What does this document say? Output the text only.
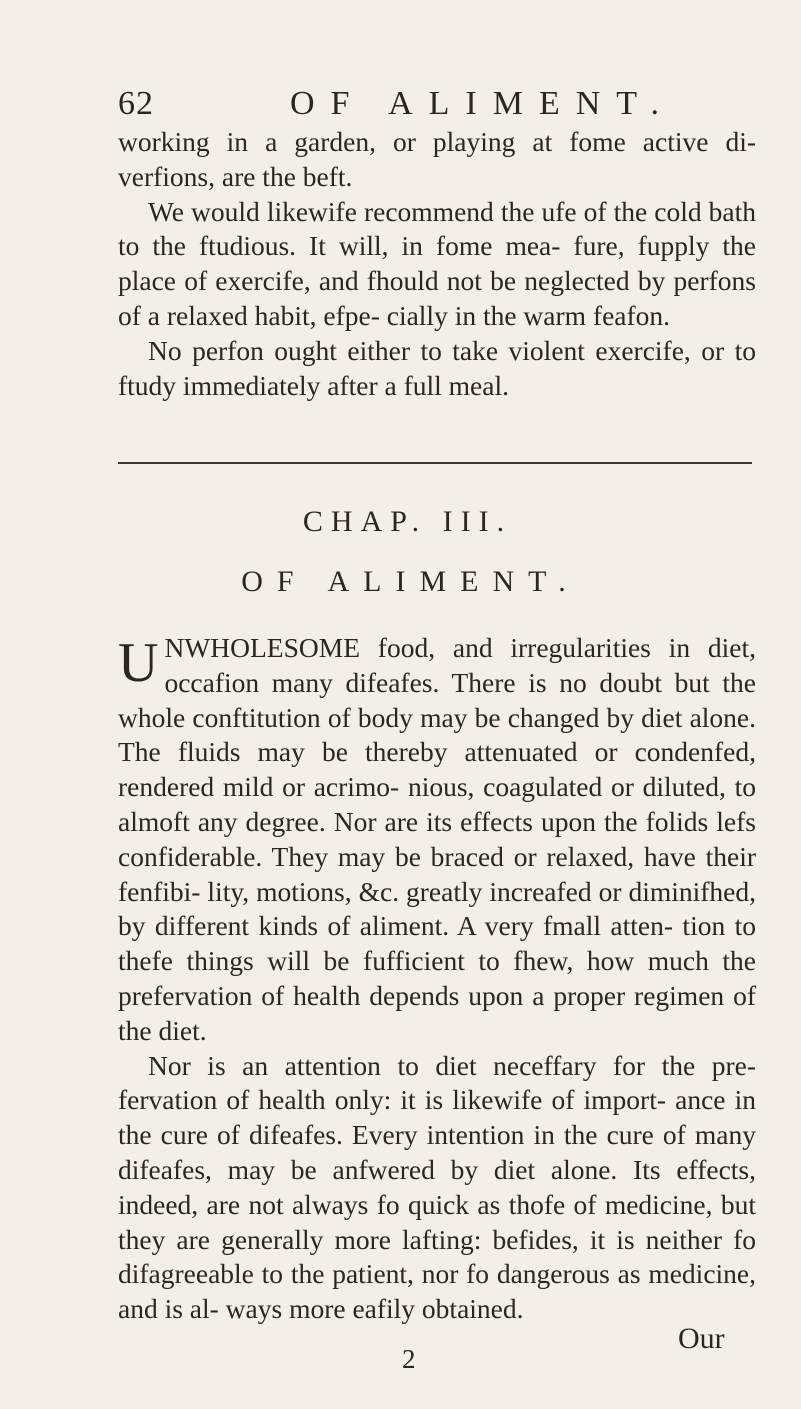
62	OF ALIMENT.

working in a garden, or playing at fome active di- verfions, are the beft.

We would likewife recommend the ufe of the cold bath to the ftudious. It will, in fome mea- fure, fupply the place of exercife, and fhould not be neglected by perfons of a relaxed habit, efpe- cially in the warm feafon.

No perfon ought either to take violent exercife, or to ftudy immediately after a full meal.

CHAP. III.
OF ALIMENT.

UNWHOLESOME food, and irregularities in diet, occafion many difeafes. There is no doubt but the whole conftitution of body may be changed by diet alone. The fluids may be thereby attenuated or condenfed, rendered mild or acrimo- nious, coagulated or diluted, to almoft any degree. Nor are its effects upon the folids lefs confiderable. They may be braced or relaxed, have their fenfibi- lity, motions, &c. greatly increafed or diminifhed, by different kinds of aliment. A very fmall atten- tion to thefe things will be fufficient to fhew, how much the prefervation of health depends upon a proper regimen of the diet.

Nor is an attention to diet neceffary for the pre- fervation of health only: it is likewife of import- ance in the cure of difeafes. Every intention in the cure of many difeafes, may be anfwered by diet alone. Its effects, indeed, are not always fo quick as thofe of medicine, but they are generally more lafting: befides, it is neither fo difagreeable to the patient, nor fo dangerous as medicine, and is al- ways more eafily obtained.

2
Our
